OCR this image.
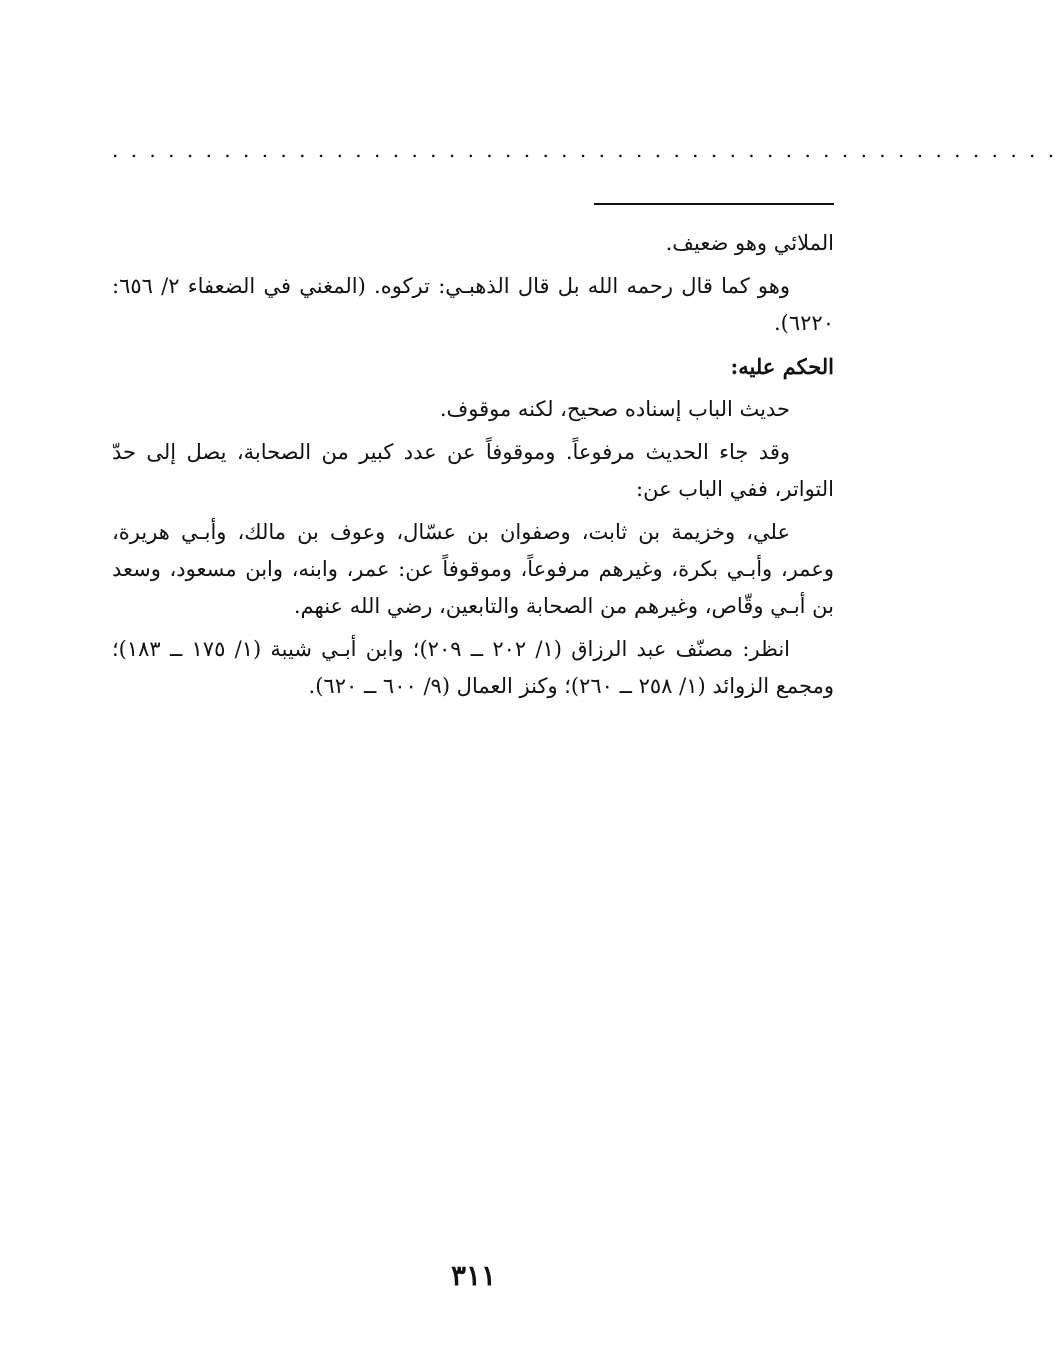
. . . . . . . . . . . . . . . . . . . . . . . . . . . . . . . . . . . . . . . . . . . . . . . . . . .

الملائي وهو ضعيف.

وهو كما قال رحمه الله بل قال الذهبـي: تركوه. (المغني في الضعفاء ٢/ ٦٥٦: ٦٢٢٠).

الحكم عليه:

حديث الباب إسناده صحيح، لكنه موقوف.

وقد جاء الحديث مرفوعاً. وموقوفاً عن عدد كبير من الصحابة، يصل إلى حدّ التواتر، ففي الباب عن:

علي، وخزيمة بن ثابت، وصفوان بن عسّال، وعوف بن مالك، وأبـي هريرة، وعمر، وأبـي بكرة، وغيرهم مرفوعاً، وموقوفاً عن: عمر، وابنه، وابن مسعود، وسعد بن أبـي وقّاص، وغيرهم من الصحابة والتابعين، رضي الله عنهم.

انظر: مصنّف عبد الرزاق (١/ ٢٠٢ ــ ٢٠٩)؛ وابن أبـي شيبة (١/ ١٧٥ ــ ١٨٣)؛ ومجمع الزوائد (١/ ٢٥٨ ــ ٢٦٠)؛ وكنز العمال (٩/ ٦٠٠ ــ ٦٢٠).

٣١١
